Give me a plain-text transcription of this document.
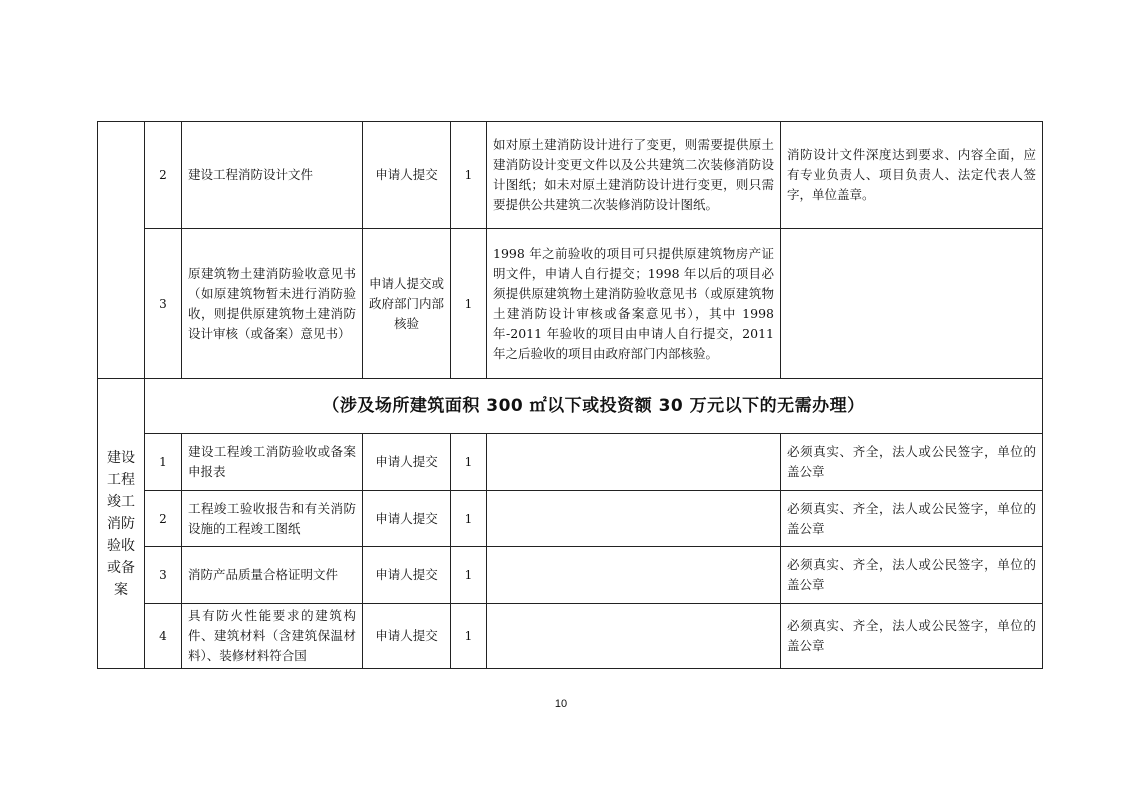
	2	建设工程消防设计文件	申请人提交	1	如对原土建消防设计进行了变更，则需要提供原土建消防设计变更文件以及公共建筑二次装修消防设计图纸；如未对原土建消防设计进行变更，则只需要提供公共建筑二次装修消防设计图纸。	消防设计文件深度达到要求、内容全面，应有专业负责人、项目负责人、法定代表人签字，单位盖章。
	3	原建筑物土建消防验收意见书（如原建筑物暂未进行消防验收，则提供原建筑物土建消防设计审核（或备案）意见书）	申请人提交或政府部门内部核验	1	1998 年之前验收的项目可只提供原建筑物房产证明文件，申请人自行提交；1998 年以后的项目必须提供原建筑物土建消防验收意见书（或原建筑物土建消防设计审核或备案意见书），其中 1998 年-2011 年验收的项目由申请人自行提交，2011 年之后验收的项目由政府部门内部核验。	
建设工程竣工消防验收或备案	（涉及场所建筑面积 300 ㎡以下或投资额 30 万元以下的无需办理）					
	1	建设工程竣工消防验收或备案申报表	申请人提交	1		必须真实、齐全，法人或公民签字，单位的盖公章
	2	工程竣工验收报告和有关消防设施的工程竣工图纸	申请人提交	1		必须真实、齐全，法人或公民签字，单位的盖公章
	3	消防产品质量合格证明文件	申请人提交	1		必须真实、齐全，法人或公民签字，单位的盖公章
	4	具有防火性能要求的建筑构件、建筑材料（含建筑保温材料）、装修材料符合国	申请人提交	1		必须真实、齐全，法人或公民签字，单位的盖公章
10
